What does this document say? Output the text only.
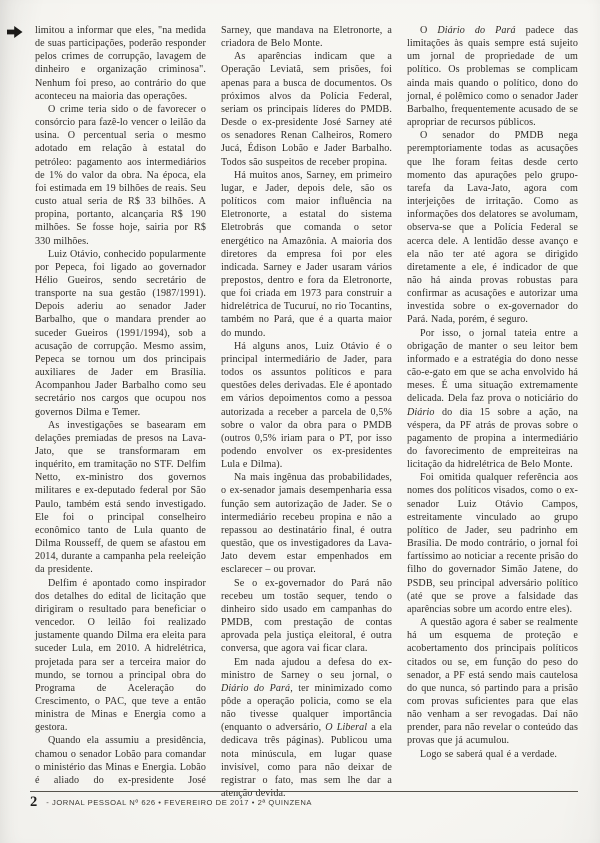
limitou a informar que eles, "na medida de suas participações, poderão responder pelos crimes de corrupção, lavagem de dinheiro e organização criminosa". Nenhum foi preso, ao contrário do que aconteceu na maioria das operações.

O crime teria sido o de favorecer o consórcio para fazê-lo vencer o leilão da usina. O percentual seria o mesmo adotado em relação à estatal do petróleo: pagamento aos intermediários de 1% do valor da obra. Na época, ela foi estimada em 19 bilhões de reais. Seu custo atual seria de R$ 33 bilhões. A propina, portanto, alcançaria R$ 190 milhões. Se fosse hoje, sairia por R$ 330 milhões.

Luiz Otávio, conhecido popularmente por Pepeca, foi ligado ao governador Hélio Gueiros, sendo secretário de transporte na sua gestão (1987/1991). Depois aderiu ao senador Jader Barbalho, que o mandara prender ao suceder Gueiros (1991/1994), sob a acusação de corrupção. Mesmo assim, Pepeca se tornou um dos principais auxiliares de Jader em Brasília. Acompanhou Jader Barbalho como seu secretário nos cargos que ocupou nos governos Dilma e Temer.

As investigações se basearam em delações premiadas de presos na Lava-Jato, que se transformaram em inquérito, em tramitação no STF. Delfim Netto, ex-ministro dos governos militares e ex-deputado federal por São Paulo, também está sendo investigado. Ele foi o principal conselheiro econômico tanto de Lula quanto de Dilma Rousseff, de quem se afastou em 2014, durante a campanha pela reeleição da presidente.

Delfim é apontado como inspirador dos detalhes do edital de licitação que dirigiram o resultado para beneficiar o vencedor. O leilão foi realizado justamente quando Dilma era eleita para suceder Lula, em 2010. A hidrelétrica, projetada para ser a terceira maior do mundo, se tornou a principal obra do Programa de Aceleração do Crescimento, o PAC, que teve a então ministra de Minas e Energia como a gestora.

Quando ela assumiu a presidência, chamou o senador Lobão para comandar o ministério das Minas e Energia. Lobão é aliado do ex-presidente José

Sarney, que mandava na Eletronorte, a criadora de Belo Monte.

As aparências indicam que a Operação Leviatã, sem prisões, foi apenas para a busca de documentos. Os próximos alvos da Polícia Federal, seriam os principais líderes do PMDB. Desde o ex-presidente José Sarney até os senadores Renan Calheiros, Romero Jucá, Édison Lobão e Jader Barbalho. Todos são suspeitos de receber propina.

Há muitos anos, Sarney, em primeiro lugar, e Jader, depois dele, são os políticos com maior influência na Eletronorte, a estatal do sistema Eletrobrás que comanda o setor energético na Amazônia. A maioria dos diretores da empresa foi por eles indicada. Sarney e Jader usaram vários prepostos, dentro e fora da Eletronorte, que foi criada em 1973 para construir a hidrelétrica de Tucuruí, no rio Tocantins, também no Pará, que é a quarta maior do mundo.

Há alguns anos, Luiz Otávio é o principal intermediário de Jader, para todos os assuntos políticos e para questões deles derivadas. Ele é apontado em vários depoimentos como a pessoa autorizada a receber a parcela de 0,5% sobre o valor da obra para o PMDB (outros 0,5% iriam para o PT, por isso podendo envolver os ex-presidentes Lula e Dilma).

Na mais ingênua das probabilidades, o ex-senador jamais desempenharia essa função sem autorização de Jader. Se o intermediário recebeu propina e não a repassou ao destinatário final, é outra questão, que os investigadores da Lava-Jato devem estar empenhados em esclarecer – ou provar.

Se o ex-governador do Pará não recebeu um tostão sequer, tendo o dinheiro sido usado em campanhas do PMDB, com prestação de contas aprovada pela justiça eleitoral, é outra conversa, que agora vai ficar clara.

Em nada ajudou a defesa do ex-ministro de Sarney o seu jornal, o Diário do Pará, ter minimizado como pôde a operação policia, como se ela não tivesse qualquer importância (enquanto o adversário, O Liberal a ela dedicava três páginas). Publicou uma nota minúscula, em lugar quase invisível, como para não deixar de registrar o fato, mas sem lhe dar a atenção devida.

O Diário do Pará padece das limitações às quais sempre está sujeito um jornal de propriedade de um político. Os problemas se complicam ainda mais quando o político, dono do jornal, é polêmico como o senador Jader Barbalho, frequentemente acusado de se apropriar de recursos públicos.

O senador do PMDB nega peremptoriamente todas as acusações que lhe foram feitas desde certo momento das apurações pelo grupo-tarefa da Lava-Jato, agora com interjeições de irritação. Como as informações dos delatores se avolumam, observa-se que a Polícia Federal se acerca dele. A lentidão desse avanço e ela não ter até agora se dirigido diretamente a ele, é indicador de que não há ainda provas robustas para confirmar as acusações e autorizar uma investida sobre o ex-governador do Pará. Nada, porém, é seguro.

Por isso, o jornal tateia entre a obrigação de manter o seu leitor bem informado e a estratégia do dono nesse cão-e-gato em que se acha envolvido há meses. É uma situação extremamente delicada. Dela faz prova o noticiário do Diário do dia 15 sobre a ação, na véspera, da PF atrás de provas sobre o pagamento de propina a intermediário do favorecimento de empreiteiras na licitação da hidrelétrica de Belo Monte.

Foi omitida qualquer referência aos nomes dos políticos visados, como o ex-senador Luiz Otávio Campos, estreitamente vinculado ao grupo político de Jader, seu padrinho em Brasília. De modo contrário, o jornal foi fartíssimo ao noticiar a recente prisão do filho do governador Simão Jatene, do PSDB, seu principal adversário político (até que se prove a falsidade das aparências sobre um acordo entre eles).

A questão agora é saber se realmente há um esquema de proteção e acobertamento dos principais políticos citados ou se, em função do peso do senador, a PF está sendo mais cautelosa do que nunca, só partindo para a prisão com provas suficientes para que elas não venham a ser revogadas. Daí não prender, para não revelar o conteúdo das provas que já acumulou.

Logo se saberá qual é a verdade.

2 - JORNAL PESSOAL Nº 626 • FEVEREIRO DE 2017 • 2ª QUINZENA
